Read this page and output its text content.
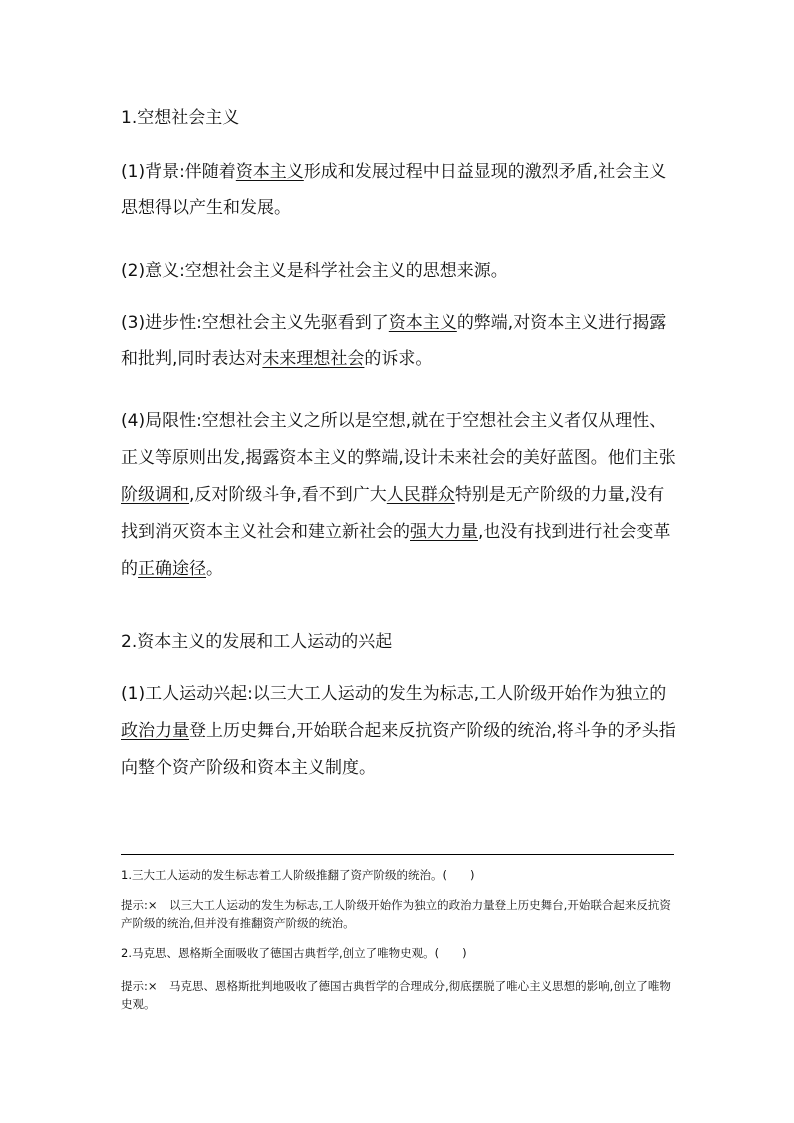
1.空想社会主义
(1)背景:伴随着资本主义形成和发展过程中日益显现的激烈矛盾,社会主义思想得以产生和发展。
(2)意义:空想社会主义是科学社会主义的思想来源。
(3)进步性:空想社会主义先驱看到了资本主义的弊端,对资本主义进行揭露和批判,同时表达对未来理想社会的诉求。
(4)局限性:空想社会主义之所以是空想,就在于空想社会主义者仅从理性、正义等原则出发,揭露资本主义的弊端,设计未来社会的美好蓝图。他们主张阶级调和,反对阶级斗争,看不到广大人民群众特别是无产阶级的力量,没有找到消灭资本主义社会和建立新社会的强大力量,也没有找到进行社会变革的正确途径。
2.资本主义的发展和工人运动的兴起
(1)工人运动兴起:以三大工人运动的发生为标志,工人阶级开始作为独立的政治力量登上历史舞台,开始联合起来反抗资产阶级的统治,将斗争的矛头指向整个资产阶级和资本主义制度。
1.三大工人运动的发生标志着工人阶级推翻了资产阶级的统治。(　　)
提示:×　以三大工人运动的发生为标志,工人阶级开始作为独立的政治力量登上历史舞台,开始联合起来反抗资产阶级的统治,但并没有推翻资产阶级的统治。
2.马克思、恩格斯全面吸收了德国古典哲学,创立了唯物史观。(　　)
提示:×　马克思、恩格斯批判地吸收了德国古典哲学的合理成分,彻底摆脱了唯心主义思想的影响,创立了唯物史观。
